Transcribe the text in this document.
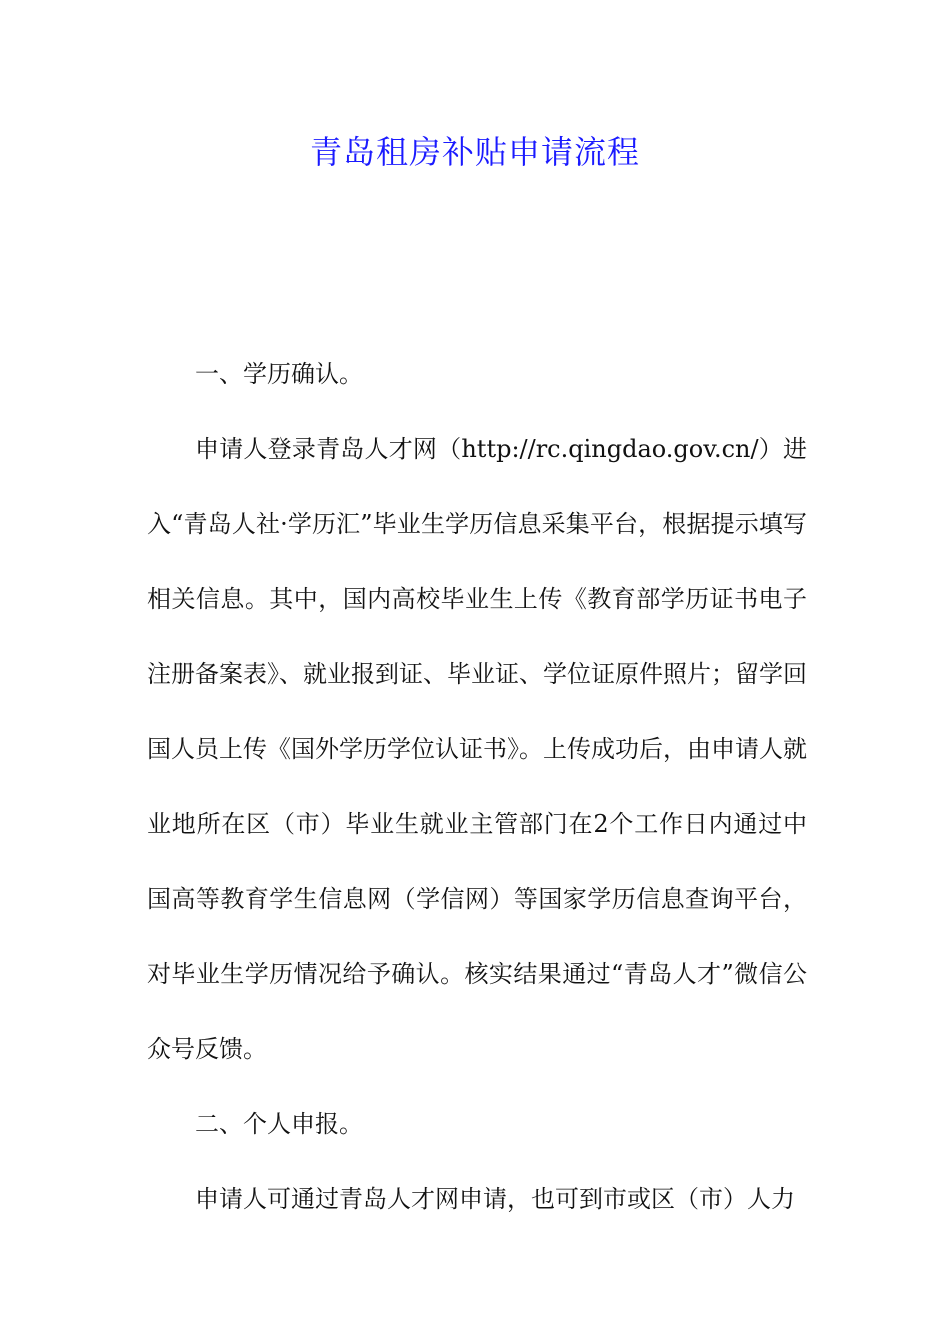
青岛租房补贴申请流程

一、学历确认。

申请人登录青岛人才网（http://rc.qingdao.gov.cn/）进入“青岛人社·学历汇”毕业生学历信息采集平台，根据提示填写相关信息。其中，国内高校毕业生上传《教育部学历证书电子注册备案表》、就业报到证、毕业证、学位证原件照片；留学回国人员上传《国外学历学位认证书》。上传成功后，由申请人就业地所在区（市）毕业生就业主管部门在2个工作日内通过中国高等教育学生信息网（学信网）等国家学历信息查询平台，对毕业生学历情况给予确认。核实结果通过“青岛人才”微信公众号反馈。

二、个人申报。

申请人可通过青岛人才网申请，也可到市或区（市）人力
